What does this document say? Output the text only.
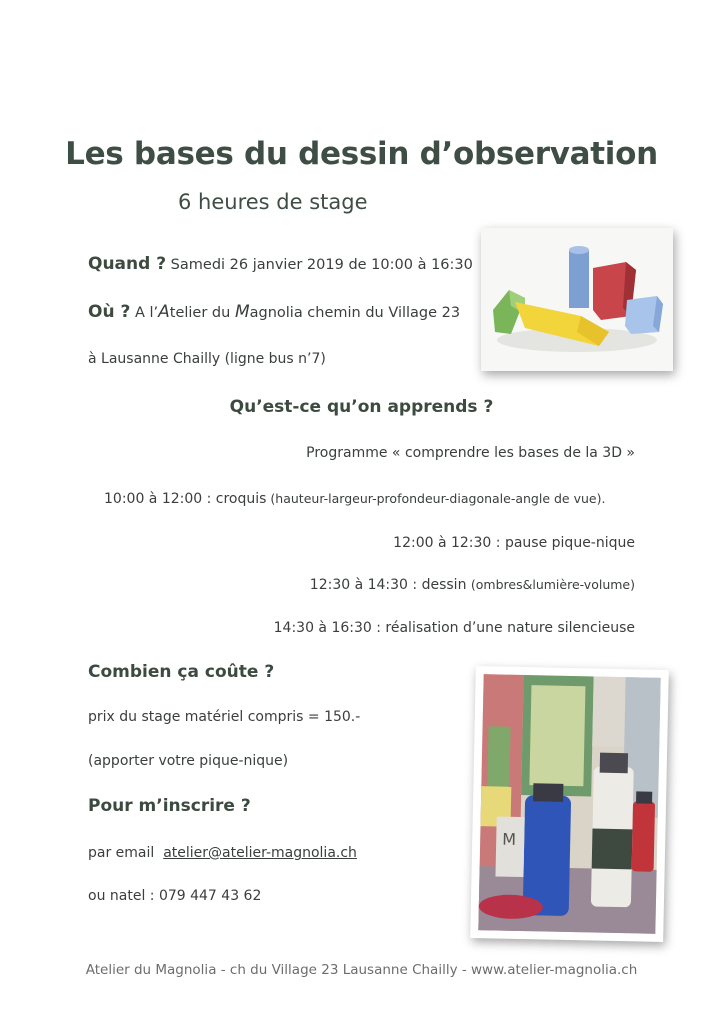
Les bases du dessin d’observation
6 heures de stage
Quand ? Samedi 26 janvier 2019 de 10:00 à 16:30
Où ? A l’Atelier du Magnolia chemin du Village 23
à Lausanne Chailly (ligne bus n’7)
Qu’est-ce qu’on apprends ?
Programme « comprendre les bases de la 3D »
10:00 à 12:00 : croquis (hauteur-largeur-profondeur-diagonale-angle de vue).
12:00 à 12:30 : pause pique-nique
12:30 à 14:30 : dessin (ombres&lumière-volume)
14:30 à 16:30 : réalisation d’une nature silencieuse
Combien ça coûte ?
prix du stage matériel compris = 150.-
(apporter votre pique-nique)
Pour m’inscrire ?
par email  atelier@atelier-magnolia.ch
ou natel : 079 447 43 62
M
Atelier du Magnolia - ch du Village 23 Lausanne Chailly - www.atelier-magnolia.ch
